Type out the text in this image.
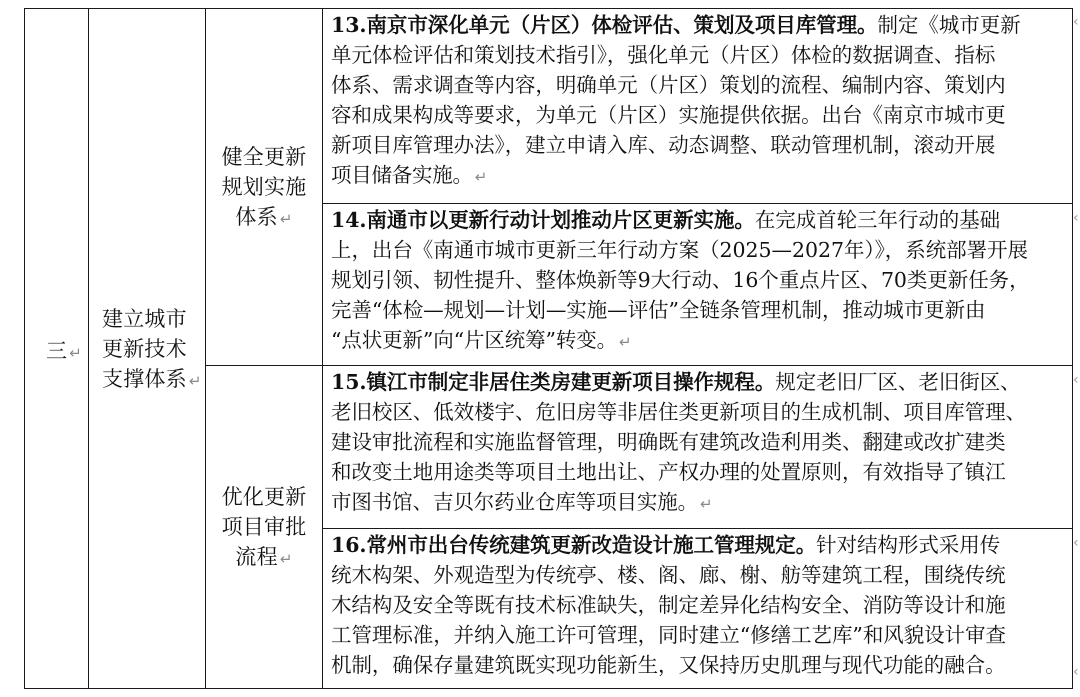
三 ↵
建立城市
更新技术
支撑体系 ↵
健全更新
规划实施
体系 ↵
优化更新
项目审批
流程 ↵
13.南京市深化单元（片区）体检评估、策划及项目库管理。制定《城市更新
单元体检评估和策划技术指引》，强化单元（片区）体检的数据调查、指标
体系、需求调查等内容，明确单元（片区）策划的流程、编制内容、策划内
容和成果构成等要求，为单元（片区）实施提供依据。出台《南京市城市更
新项目库管理办法》，建立申请入库、动态调整、联动管理机制，滚动开展
项目储备实施。 ↵
14.南通市以更新行动计划推动片区更新实施。在完成首轮三年行动的基础
上，出台《南通市城市更新三年行动方案（2025—2027年）》，系统部署开展
规划引领、韧性提升、整体焕新等9大行动、16个重点片区、70类更新任务，
完善“体检—规划—计划—实施—评估”全链条管理机制，推动城市更新由
“点状更新”向“片区统筹”转变。 ↵
15.镇江市制定非居住类房建更新项目操作规程。规定老旧厂区、老旧街区、
老旧校区、低效楼宇、危旧房等非居住类更新项目的生成机制、项目库管理、
建设审批流程和实施监督管理，明确既有建筑改造利用类、翻建或改扩建类
和改变土地用途类等项目土地出让、产权办理的处置原则，有效指导了镇江
市图书馆、吉贝尔药业仓库等项目实施。 ↵
16.常州市出台传统建筑更新改造设计施工管理规定。针对结构形式采用传
统木构架、外观造型为传统亭、楼、阁、廊、榭、舫等建筑工程，围绕传统
木结构及安全等既有技术标准缺失，制定差异化结构安全、消防等设计和施
工管理标准，并纳入施工许可管理，同时建立“修缮工艺库”和风貌设计审查
机制，确保存量建筑既实现功能新生，又保持历史肌理与现代功能的融合。
‹
‹
‹
‹
‹
